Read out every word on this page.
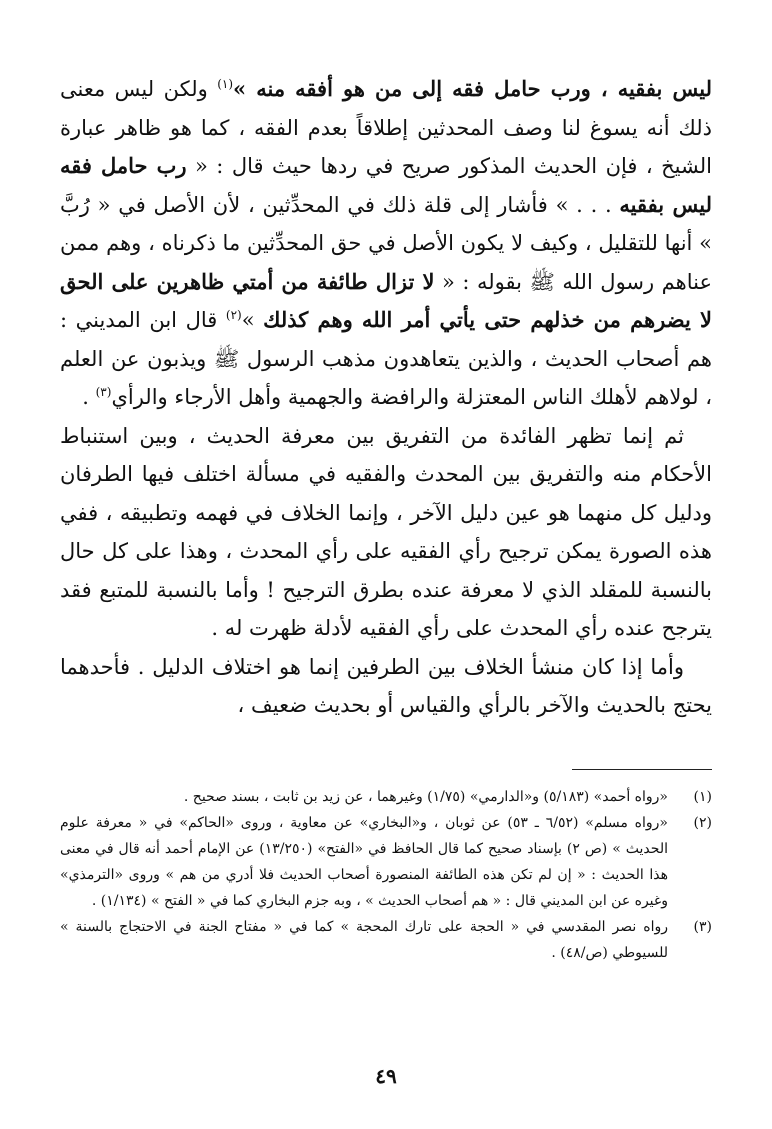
ليس بفقيه ، ورب حامل فقه إلى من هو أفقه منه »$^{(١)}$ ولكن ليس معنى ذلك أنه يسوغ لنا وصف المحدثين إطلاقاً بعدم الفقه ، كما هو ظاهر عبارة الشيخ ، فإن الحديث المذكور صريح في ردها حيث قال : « رب حامل فقه ليس بفقيه . . . » فأشار إلى قلة ذلك في المحدِّثين ، لأن الأصل في « رُبَّ » أنها للتقليل ، وكيف لا يكون الأصل في حق المحدِّثين ما ذكرناه ، وهم ممن عناهم رسول الله ﷺ بقوله : « لا تزال طائفة من أمتي ظاهرين على الحق لا يضرهم من خذلهم حتى يأتي أمر الله وهم كذلك »$^{(٢)}$ قال ابن المديني : هم أصحاب الحديث ، والذين يتعاهدون مذهب الرسول ﷺ ويذبون عن العلم ، لولاهم لأهلك الناس المعتزلة والرافضة والجهمية وأهل الأرجاء والرأي$^{(٣)}$ .

ثم إنما تظهر الفائدة من التفريق بين معرفة الحديث ، وبين استنباط الأحكام منه والتفريق بين المحدث والفقيه في مسألة اختلف فيها الطرفان ودليل كل منهما هو عين دليل الآخر ، وإنما الخلاف في فهمه وتطبيقه ، ففي هذه الصورة يمكن ترجيح رأي الفقيه على رأي المحدث ، وهذا على كل حال بالنسبة للمقلد الذي لا معرفة عنده بطرق الترجيح ! وأما بالنسبة للمتبع فقد يترجح عنده رأي المحدث على رأي الفقيه لأدلة ظهرت له .

وأما إذا كان منشأ الخلاف بين الطرفين إنما هو اختلاف الدليل . فأحدهما يحتج بالحديث والآخر بالرأي والقياس أو بحديث ضعيف ،

(١)
«رواه أحمد» (٥/١٨٣) و«الدارمي» (١/٧٥) وغيرهما ، عن زيد بن ثابت ، بسند صحيح .
(٢)
«رواه مسلم» (٦/٥٢ ـ ٥٣) عن ثوبان ، و«البخاري» عن معاوية ، وروى «الحاكم» في « معرفة علوم الحديث » (ص ٢) بإسناد صحيح كما قال الحافظ في «الفتح» (١٣/٢٥٠) عن الإمام أحمد أنه قال في معنى هذا الحديث : « إن لم تكن هذه الطائفة المنصورة أصحاب الحديث فلا أدري من هم » وروى «الترمذي» وغيره عن ابن المديني قال : « هم أصحاب الحديث » ، وبه جزم البخاري كما في « الفتح » (١/١٣٤) .
(٣)
رواه نصر المقدسي في « الحجة على تارك المحجة » كما في « مفتاح الجنة في الاحتجاج بالسنة » للسيوطي (ص/٤٨) .
٤٩
